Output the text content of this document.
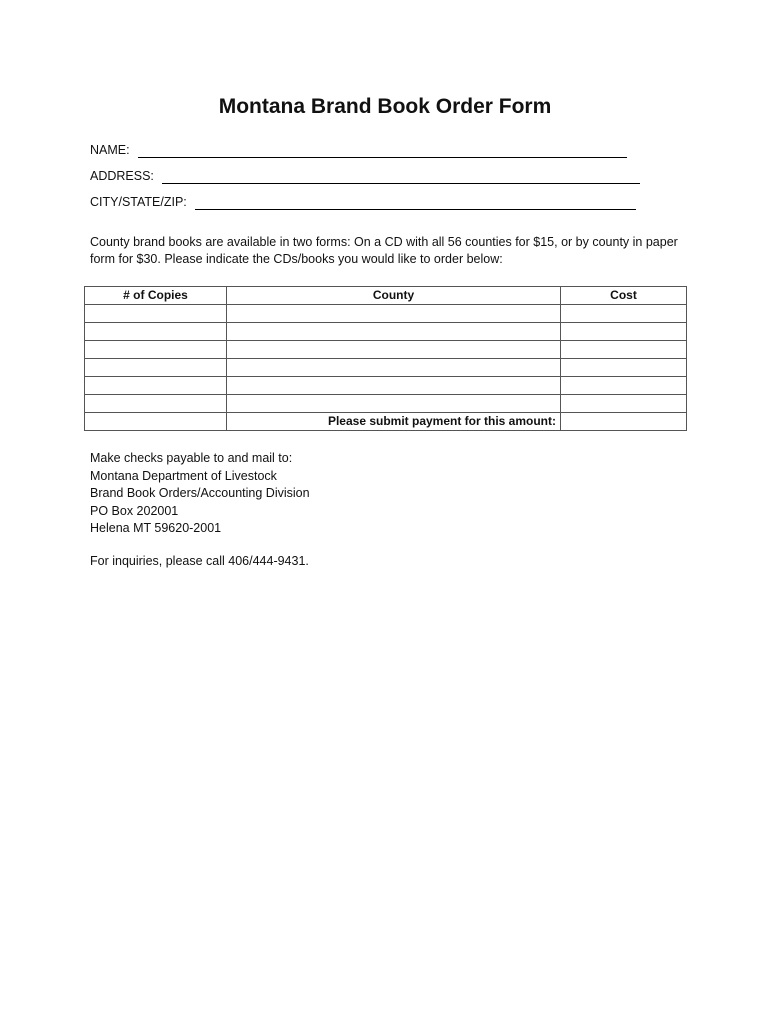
Montana Brand Book Order Form
NAME:
ADDRESS:
CITY/STATE/ZIP:
County brand books are available in two forms: On a CD with all 56 counties for $15, or by county in paper form for $30. Please indicate the CDs/books you would like to order below:
# of Copies	County	Cost

	Please submit payment for this amount:	
Make checks payable to and mail to:
Montana Department of Livestock
Brand Book Orders/Accounting Division
PO Box 202001
Helena MT 59620-2001
For inquiries, please call 406/444-9431.
